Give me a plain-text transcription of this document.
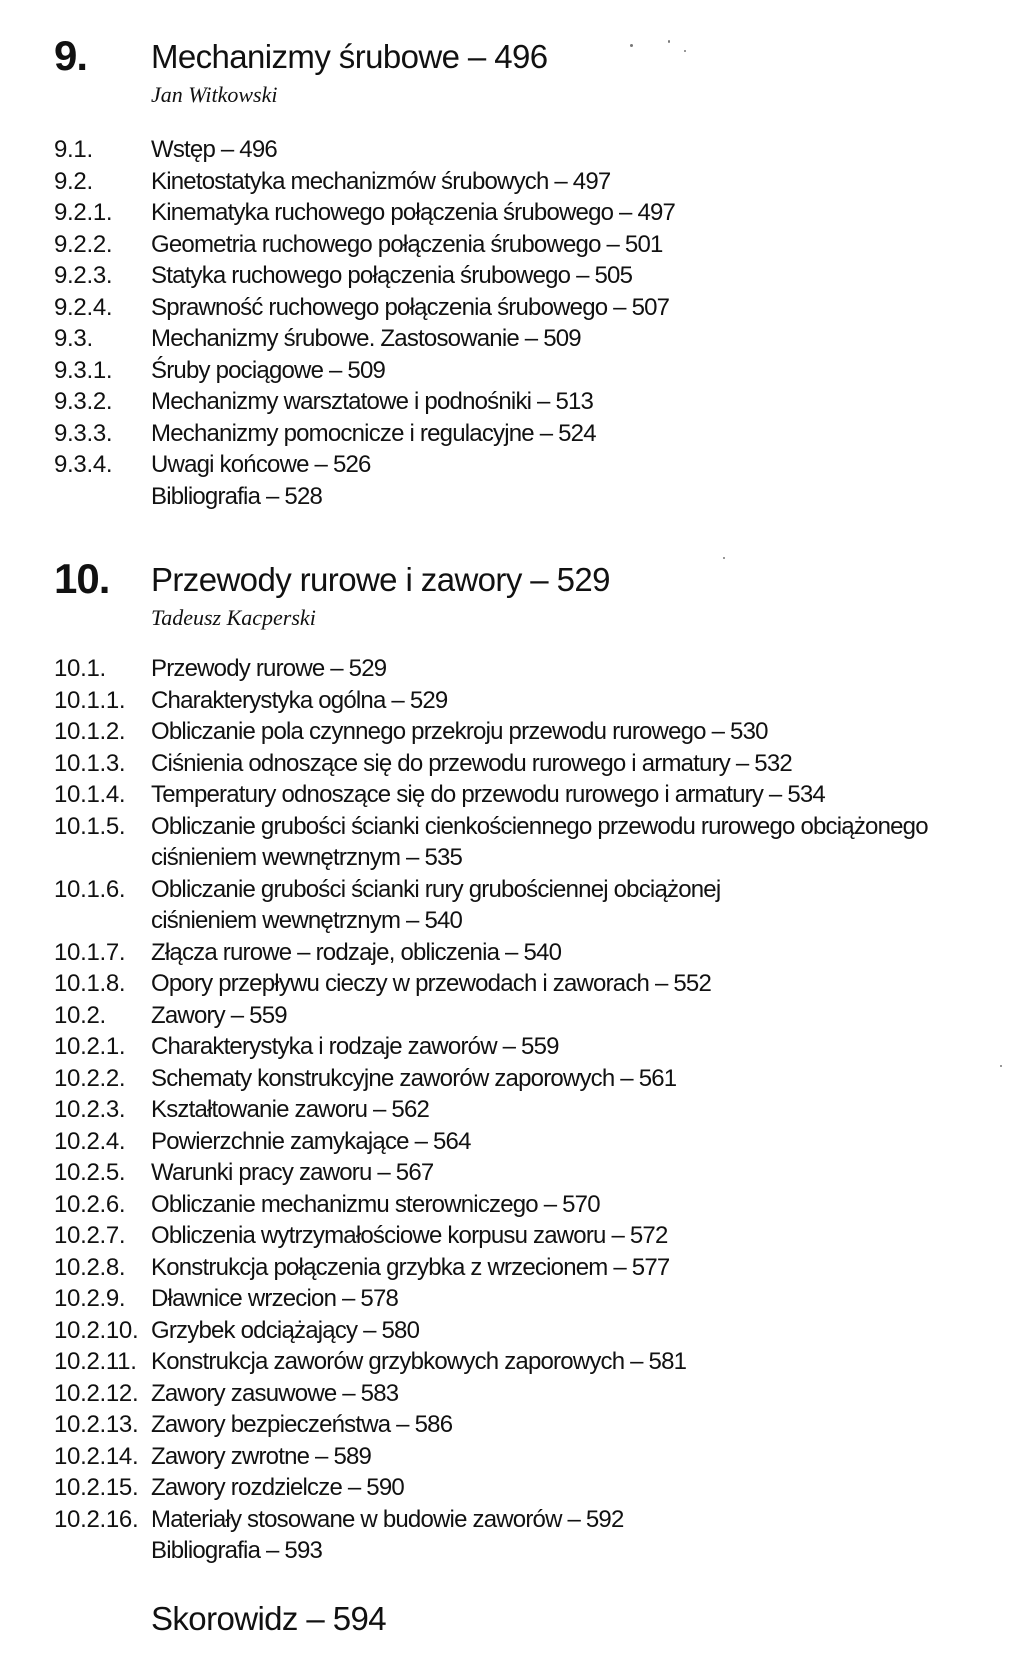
9. Mechanizmy śrubowe – 496
Jan Witkowski
9.1.	Wstęp – 496
9.2.	Kinetostatyka mechanizmów śrubowych – 497
9.2.1.	Kinematyka ruchowego połączenia śrubowego – 497
9.2.2.	Geometria ruchowego połączenia śrubowego – 501
9.2.3.	Statyka ruchowego połączenia śrubowego – 505
9.2.4.	Sprawność ruchowego połączenia śrubowego – 507
9.3.	Mechanizmy śrubowe. Zastosowanie – 509
9.3.1.	Śruby pociągowe – 509
9.3.2.	Mechanizmy warsztatowe i podnośniki – 513
9.3.3.	Mechanizmy pomocnicze i regulacyjne – 524
9.3.4.	Uwagi końcowe – 526
Bibliografia – 528
10. Przewody rurowe i zawory – 529
Tadeusz Kacperski
10.1.	Przewody rurowe – 529
10.1.1.	Charakterystyka ogólna – 529
10.1.2.	Obliczanie pola czynnego przekroju przewodu rurowego – 530
10.1.3.	Ciśnienia odnoszące się do przewodu rurowego i armatury – 532
10.1.4.	Temperatury odnoszące się do przewodu rurowego i armatury – 534
10.1.5.	Obliczanie grubości ścianki cienkościennego przewodu rurowego obciążonego ciśnieniem wewnętrznym – 535
10.1.6.	Obliczanie grubości ścianki rury grubościennej obciążonej ciśnieniem wewnętrznym – 540
10.1.7.	Złącza rurowe – rodzaje, obliczenia – 540
10.1.8.	Opory przepływu cieczy w przewodach i zaworach – 552
10.2.	Zawory – 559
10.2.1.	Charakterystyka i rodzaje zaworów – 559
10.2.2.	Schematy konstrukcyjne zaworów zaporowych – 561
10.2.3.	Kształtowanie zaworu – 562
10.2.4.	Powierzchnie zamykające – 564
10.2.5.	Warunki pracy zaworu – 567
10.2.6.	Obliczanie mechanizmu sterowniczego – 570
10.2.7.	Obliczenia wytrzymałościowe korpusu zaworu – 572
10.2.8.	Konstrukcja połączenia grzybka z wrzecionem – 577
10.2.9.	Dławnice wrzecion – 578
10.2.10. Grzybek odciążający – 580
10.2.11. Konstrukcja zaworów grzybkowych zaporowych – 581
10.2.12. Zawory zasuwowe – 583
10.2.13. Zawory bezpieczeństwa – 586
10.2.14. Zawory zwrotne – 589
10.2.15. Zawory rozdzielcze – 590
10.2.16. Materiały stosowane w budowie zaworów – 592
Bibliografia – 593
Skorowidz – 594
